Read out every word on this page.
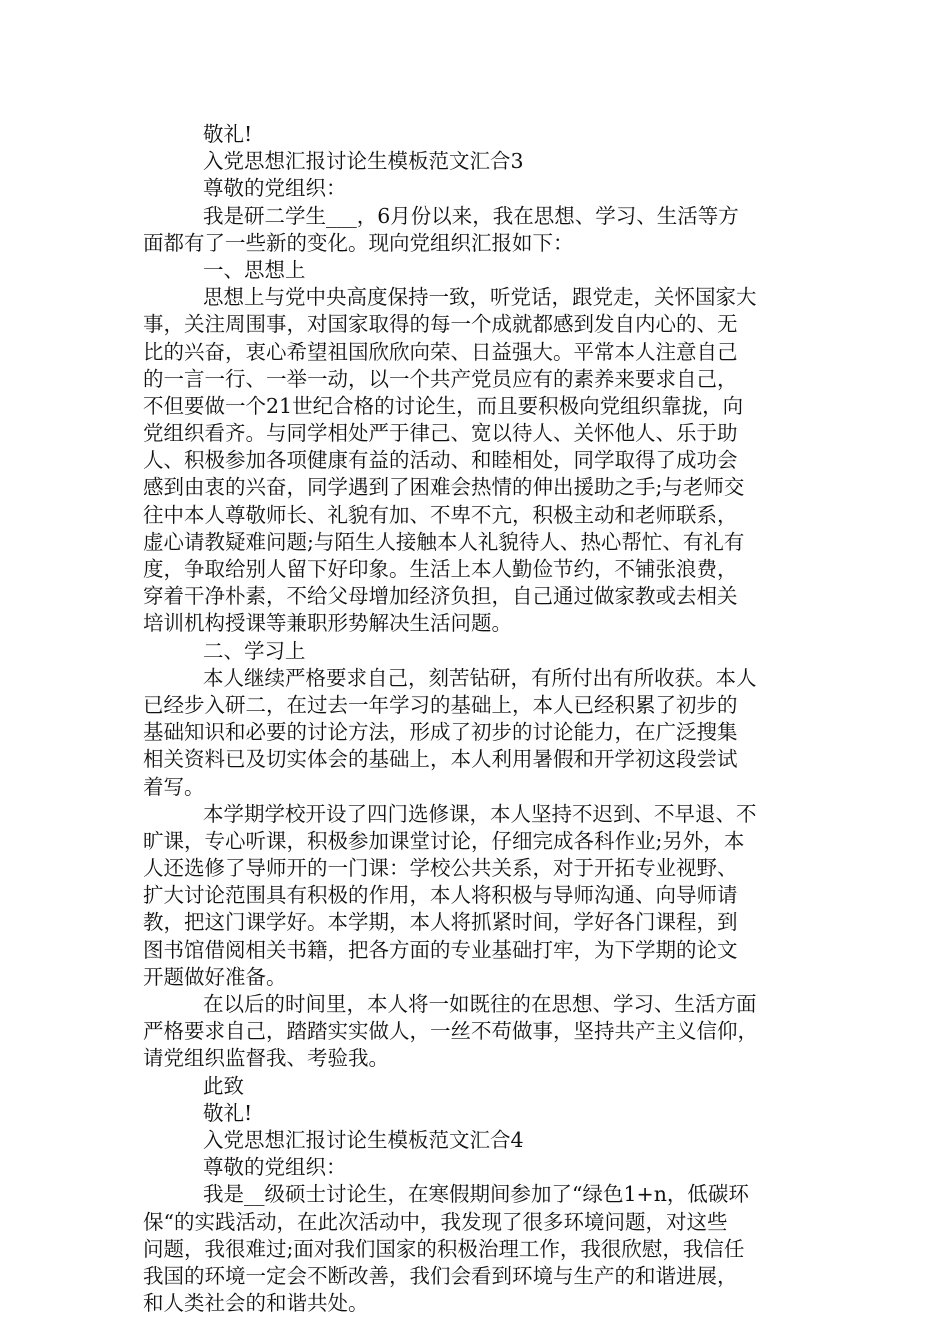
敬礼!
入党思想汇报讨论生模板范文汇合3
尊敬的党组织：
我是研二学生___，6月份以来，我在思想、学习、生活等方
面都有了一些新的变化。现向党组织汇报如下：
一、思想上
思想上与党中央高度保持一致，听党话，跟党走，关怀国家大
事，关注周围事，对国家取得的每一个成就都感到发自内心的、无
比的兴奋，衷心希望祖国欣欣向荣、日益强大。平常本人注意自己
的一言一行、一举一动，以一个共产党员应有的素养来要求自己，
不但要做一个21世纪合格的讨论生，而且要积极向党组织靠拢，向
党组织看齐。与同学相处严于律己、宽以待人、关怀他人、乐于助
人、积极参加各项健康有益的活动、和睦相处，同学取得了成功会
感到由衷的兴奋，同学遇到了困难会热情的伸出援助之手;与老师交
往中本人尊敬师长、礼貌有加、不卑不亢，积极主动和老师联系，
虚心请教疑难问题;与陌生人接触本人礼貌待人、热心帮忙、有礼有
度，争取给别人留下好印象。生活上本人勤俭节约，不铺张浪费，
穿着干净朴素，不给父母增加经济负担，自己通过做家教或去相关
培训机构授课等兼职形势解决生活问题。
二、学习上
本人继续严格要求自己，刻苦钻研，有所付出有所收获。本人
已经步入研二，在过去一年学习的基础上，本人已经积累了初步的
基础知识和必要的讨论方法，形成了初步的讨论能力，在广泛搜集
相关资料已及切实体会的基础上，本人利用暑假和开学初这段尝试
着写。
本学期学校开设了四门选修课，本人坚持不迟到、不早退、不
旷课，专心听课，积极参加课堂讨论，仔细完成各科作业;另外，本
人还选修了导师开的一门课：学校公共关系，对于开拓专业视野、
扩大讨论范围具有积极的作用，本人将积极与导师沟通、向导师请
教，把这门课学好。本学期，本人将抓紧时间，学好各门课程，到
图书馆借阅相关书籍，把各方面的专业基础打牢，为下学期的论文
开题做好准备。
在以后的时间里，本人将一如既往的在思想、学习、生活方面
严格要求自己，踏踏实实做人，一丝不苟做事，坚持共产主义信仰，
请党组织监督我、考验我。
此致
敬礼!
入党思想汇报讨论生模板范文汇合4
尊敬的党组织：
我是__级硕士讨论生，在寒假期间参加了“绿色1+n，低碳环
保“的实践活动，在此次活动中，我发现了很多环境问题，对这些
问题，我很难过;面对我们国家的积极治理工作，我很欣慰，我信任
我国的环境一定会不断改善，我们会看到环境与生产的和谐进展，
和人类社会的和谐共处。
